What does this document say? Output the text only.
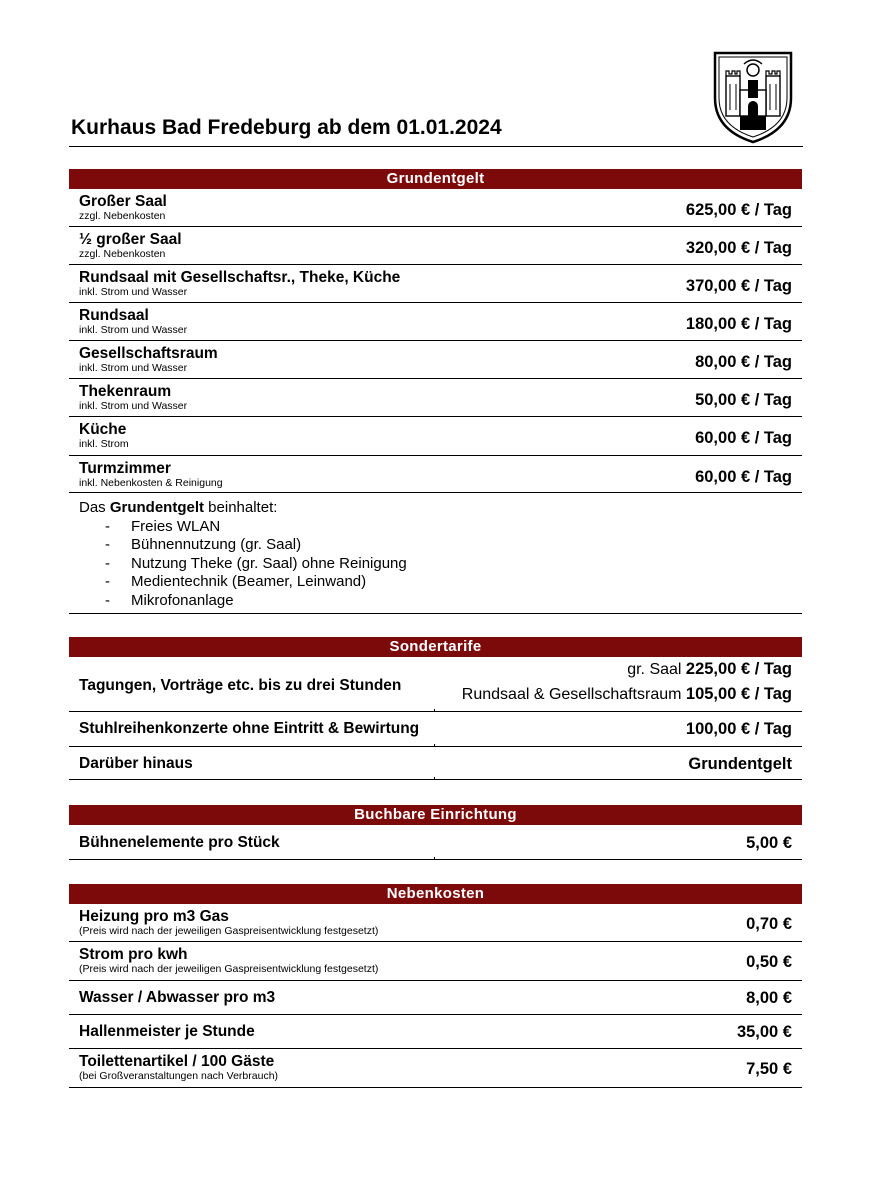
Kurhaus Bad Fredeburg ab dem 01.01.2024
Grundentgelt
Großer Saal
zzgl. Nebenkosten	625,00 € / Tag
½ großer Saal
zzgl. Nebenkosten	320,00 € / Tag
Rundsaal mit Gesellschaftsr., Theke, Küche
inkl. Strom und Wasser	370,00 € / Tag
Rundsaal
inkl. Strom und Wasser	180,00 € / Tag
Gesellschaftsraum
inkl. Strom und Wasser	80,00 € / Tag
Thekenraum
inkl. Strom und Wasser	50,00 € / Tag
Küche
inkl. Strom	60,00 € / Tag
Turmzimmer
inkl. Nebenkosten & Reinigung	60,00 € / Tag
Das Grundentgelt beinhaltet:
- Freies WLAN
- Bühnennutzung (gr. Saal)
- Nutzung Theke (gr. Saal) ohne Reinigung
- Medientechnik (Beamer, Leinwand)
- Mikrofonanlage
Sondertarife
Tagungen, Vorträge etc. bis zu drei Stunden
gr. Saal 225,00 € / Tag
Rundsaal & Gesellschaftsraum 105,00 € / Tag
Stuhlreihenkonzerte ohne Eintritt & Bewirtung	100,00 € / Tag
Darüber hinaus	Grundentgelt
Buchbare Einrichtung
Bühnenelemente pro Stück	5,00 €
Nebenkosten
Heizung pro m3 Gas
(Preis wird nach der jeweiligen Gaspreisentwicklung festgesetzt)	0,70 €
Strom pro kwh
(Preis wird nach der jeweiligen Gaspreisentwicklung festgesetzt)	0,50 €
Wasser / Abwasser pro m3	8,00 €
Hallenmeister je Stunde	35,00 €
Toilettenartikel / 100 Gäste
(bei Großveranstaltungen nach Verbrauch)	7,50 €
